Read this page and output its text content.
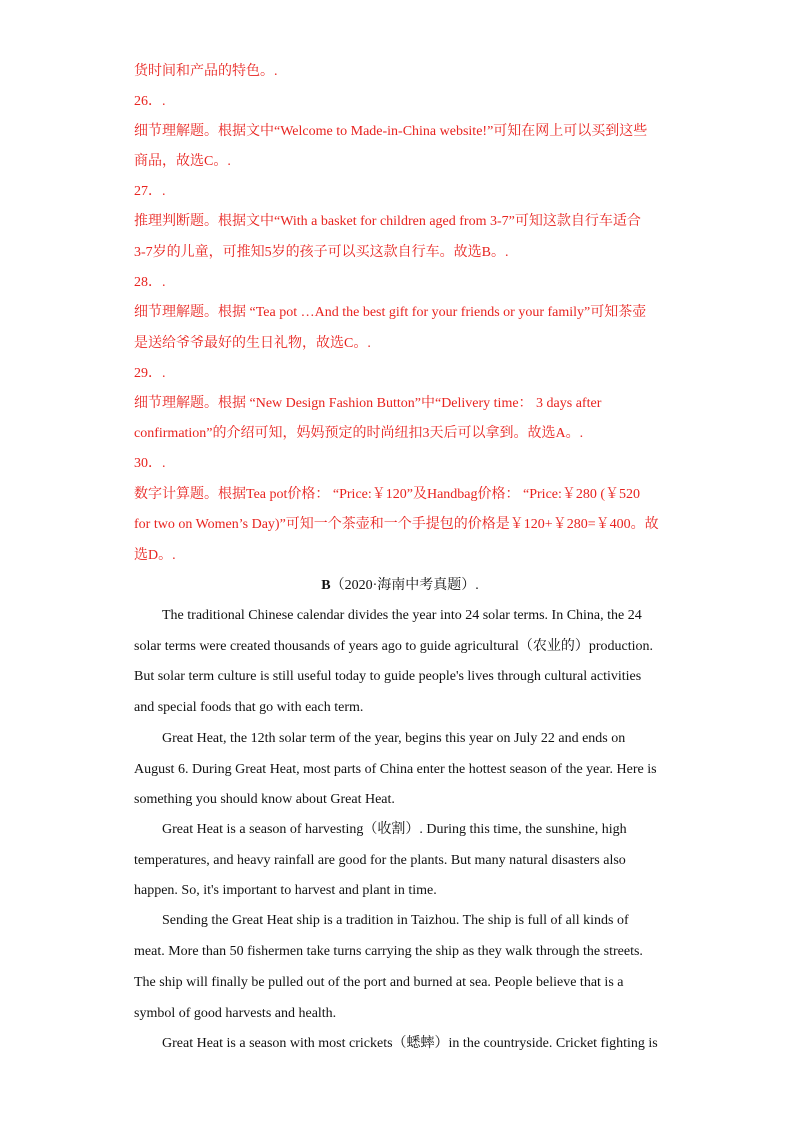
货时间和产品的特色。.
26．.
细节理解题。根据文中“Welcome to Made-in-China website!”可知在网上可以买到这些
商品，故选C。.
27．.
推理判断题。根据文中“With a basket for children aged from 3-7”可知这款自行车适合
3-7岁的儿童，可推知5岁的孩子可以买这款自行车。故选B。.
28．.
细节理解题。根据 “Tea pot …And the best gift for your friends or your family”可知茶壶
是送给爷爷最好的生日礼物，故选C。.
29．.
细节理解题。根据 “New Design Fashion Button”中“Delivery time： 3 days after
confirmation”的介绍可知，妈妈预定的时尚纽扣3天后可以拿到。故选A。.
30．.
数字计算题。根据Tea pot价格： “Price:￥120”及Handbag价格： “Price:￥280 (￥520
for two on Women’s Day)”可知一个茶壶和一个手提包的价格是￥120+￥280=￥400。故
选D。.
B（2020·海南中考真题）.
The traditional Chinese calendar divides the year into 24 solar terms. In China, the 24
solar terms were created thousands of years ago to guide agricultural（农业的）production.
But solar term culture is still useful today to guide people's lives through cultural activities
and special foods that go with each term.
Great Heat, the 12th solar term of the year, begins this year on July 22 and ends on
August 6. During Great Heat, most parts of China enter the hottest season of the year. Here is
something you should know about Great Heat.
Great Heat is a season of harvesting（收割）. During this time, the sunshine, high
temperatures, and heavy rainfall are good for the plants. But many natural disasters also
happen. So, it's important to harvest and plant in time.
Sending the Great Heat ship is a tradition in Taizhou. The ship is full of all kinds of
meat. More than 50 fishermen take turns carrying the ship as they walk through the streets.
The ship will finally be pulled out of the port and burned at sea. People believe that is a
symbol of good harvests and health.
Great Heat is a season with most crickets（蟋蟀）in the countryside. Cricket fighting is
